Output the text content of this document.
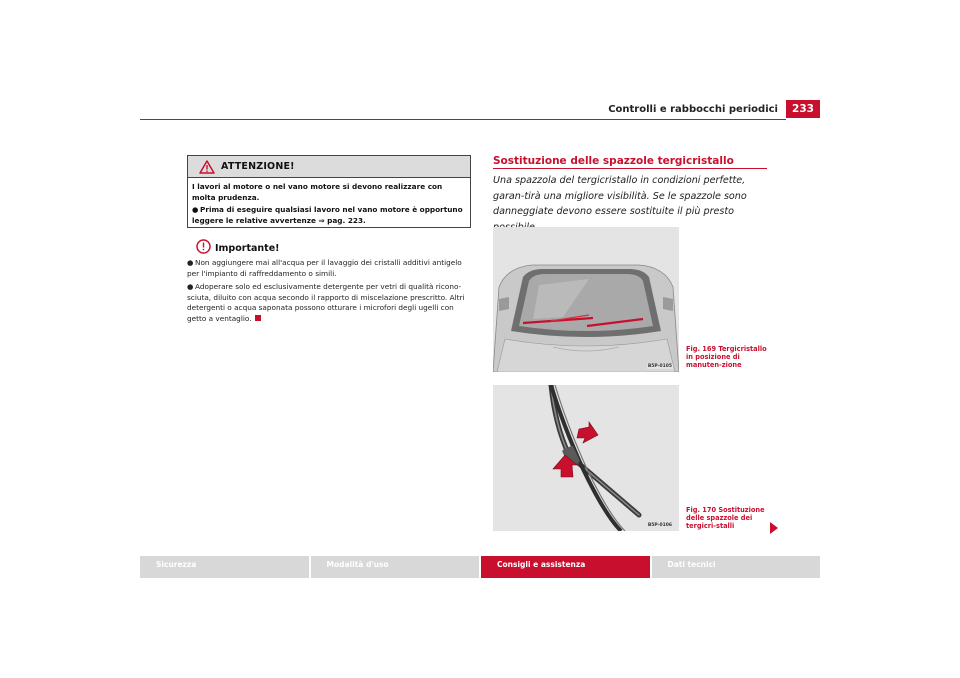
Controlli e rabbocchi periodici	233
ATTENZIONE!

I lavori al motore o nel vano motore si devono realizzare con molta prudenza.

● Prima di eseguire qualsiasi lavoro nel vano motore è opportuno leggere le relative avvertenze ⇒ pag. 223.

Importante!

● Non aggiungere mai all'acqua per il lavaggio dei cristalli additivi antigelo per l'impianto di raffreddamento o simili.

● Adoperare solo ed esclusivamente detergente per vetri di qualità ricono-sciuta, diluito con acqua secondo il rapporto di miscelazione prescritto. Altri detergenti o acqua saponata possono otturare i microfori degli ugelli con getto a ventaglio.

Sostituzione delle spazzole tergicristallo
Una spazzola del tergicristallo in condizioni perfette, garan-tirà una migliore visibilità. Se le spazzole sono danneggiate devono essere sostituite il più presto
B5P-0105
Fig. 169 Tergicristallo in posizione di manuten-zione
B5P-0106
Fig. 170 Sostituzione delle spazzole dei tergicri-stalli
Sicurezza	Modalità d'uso	Consigli e assistenza	Dati tecnici
